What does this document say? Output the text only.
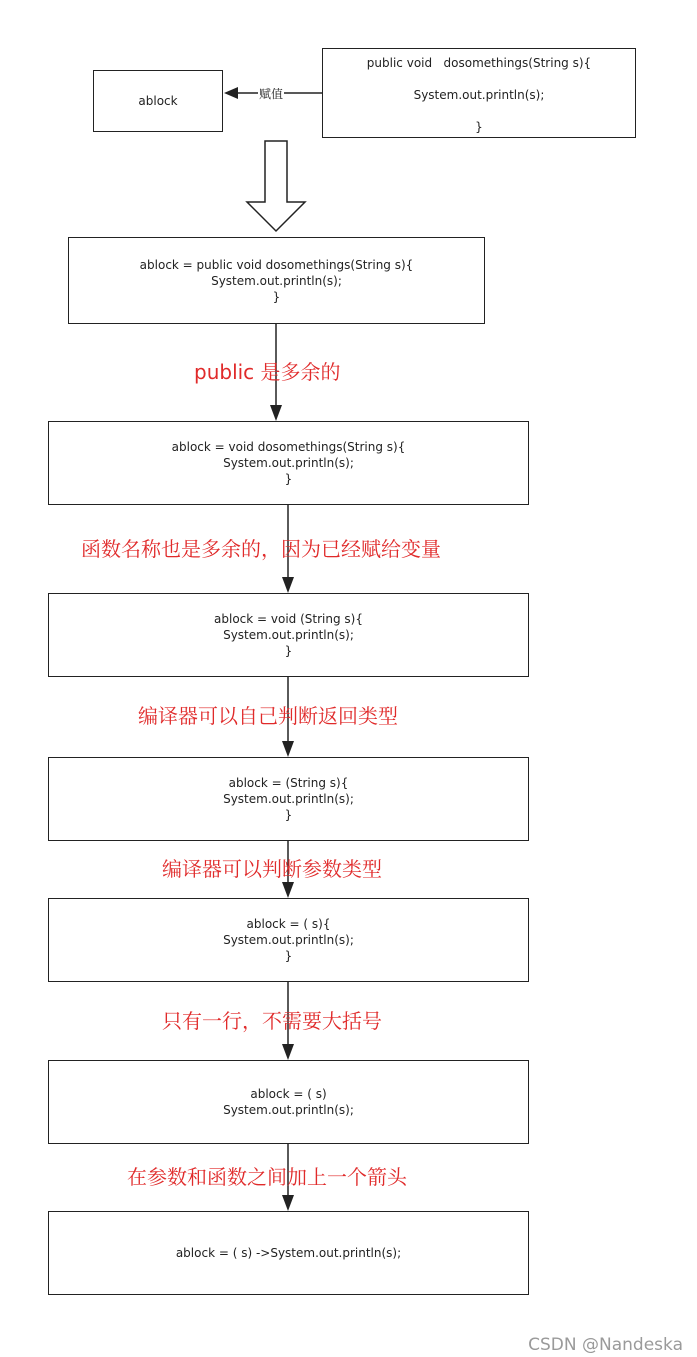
ablock	赋值
public void   dosomethings(String s){
System.out.println(s);
}
ablock = public void dosomethings(String s){
System.out.println(s);
}
public 是多余的
ablock = void dosomethings(String s){
System.out.println(s);
}
函数名称也是多余的，因为已经赋给变量
ablock = void (String s){
System.out.println(s);
}
编译器可以自己判断返回类型
ablock = (String s){
System.out.println(s);
}
编译器可以判断参数类型
ablock = ( s){
System.out.println(s);
}
只有一行，不需要大括号
ablock = ( s)
System.out.println(s);
在参数和函数之间加上一个箭头
ablock = ( s) ->System.out.println(s);
CSDN @Nandeska
